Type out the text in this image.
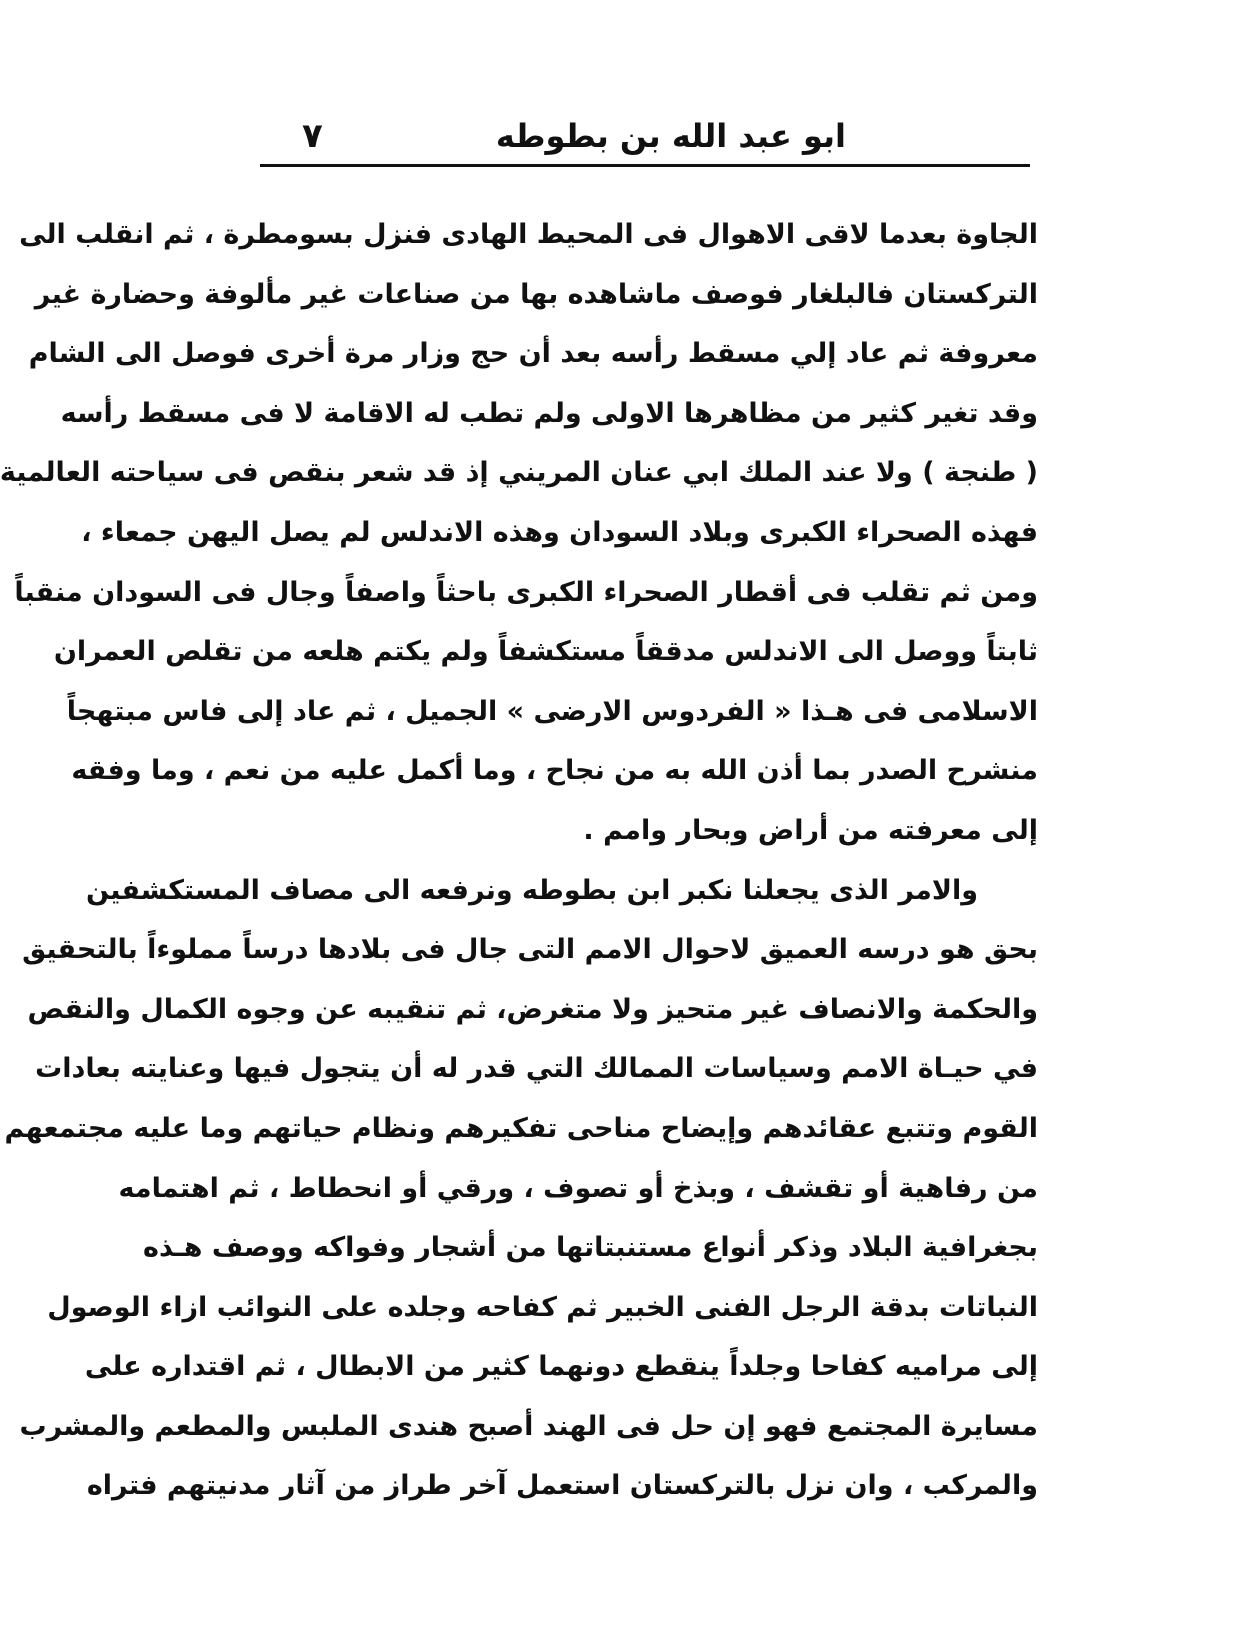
ابو عبد الله بن بطوطه
٧
الجاوة بعدما لاقى الاهوال فى المحيط الهادى فنزل بسومطرة ، ثم انقلب الى
التركستان فالبلغار فوصف ماشاهده بها من صناعات غير مألوفة وحضارة غير
معروفة ثم عاد إلي مسقط رأسه بعد أن حج وزار مرة أخرى فوصل الى الشام
وقد تغير كثير من مظاهرها الاولى ولم تطب له الاقامة لا فى مسقط رأسه
( طنجة ) ولا عند الملك ابي عنان المريني إذ قد شعر بنقص فى سياحته العالمية
فهذه الصحراء الكبرى وبلاد السودان وهذه الاندلس لم يصل اليهن جمعاء ،
ومن ثم تقلب فى أقطار الصحراء الكبرى باحثاً واصفاً وجال فى السودان منقباً
ثابتاً ووصل الى الاندلس مدققاً مستكشفاً ولم يكتم هلعه من تقلص العمران
الاسلامى فى هـذا « الفردوس الارضى » الجميل ، ثم عاد إلى فاس مبتهجاً
منشرح الصدر بما أذن الله به من نجاح ، وما أكمل عليه من نعم ، وما وفقه
إلى معرفته من أراض وبحار وامم .
والامر الذى يجعلنا نكبر ابن بطوطه ونرفعه الى مصاف المستكشفين
بحق هو درسه العميق لاحوال الامم التى جال فى بلادها درساً مملوءاً بالتحقيق
والحكمة والانصاف غير متحيز ولا متغرض، ثم تنقيبه عن وجوه الكمال والنقص
في حيـاة الامم وسياسات الممالك التي قدر له أن يتجول فيها وعنايته بعادات
القوم وتتبع عقائدهم وإيضاح مناحى تفكيرهم ونظام حياتهم وما عليه مجتمعهم
من رفاهية أو تقشف ، وبذخ أو تصوف ، ورقي أو انحطاط ، ثم اهتمامه
بجغرافية البلاد وذكر أنواع مستنبتاتها من أشجار وفواكه ووصف هـذه
النباتات بدقة الرجل الفنى الخبير ثم كفاحه وجلده على النوائب ازاء الوصول
إلى مراميه كفاحا وجلداً ينقطع دونهما كثير من الابطال ، ثم اقتداره على
مسايرة المجتمع فهو إن حل فى الهند أصبح هندى الملبس والمطعم والمشرب
والمركب ، وان نزل بالتركستان استعمل آخر طراز من آثار مدنيتهم فتراه
